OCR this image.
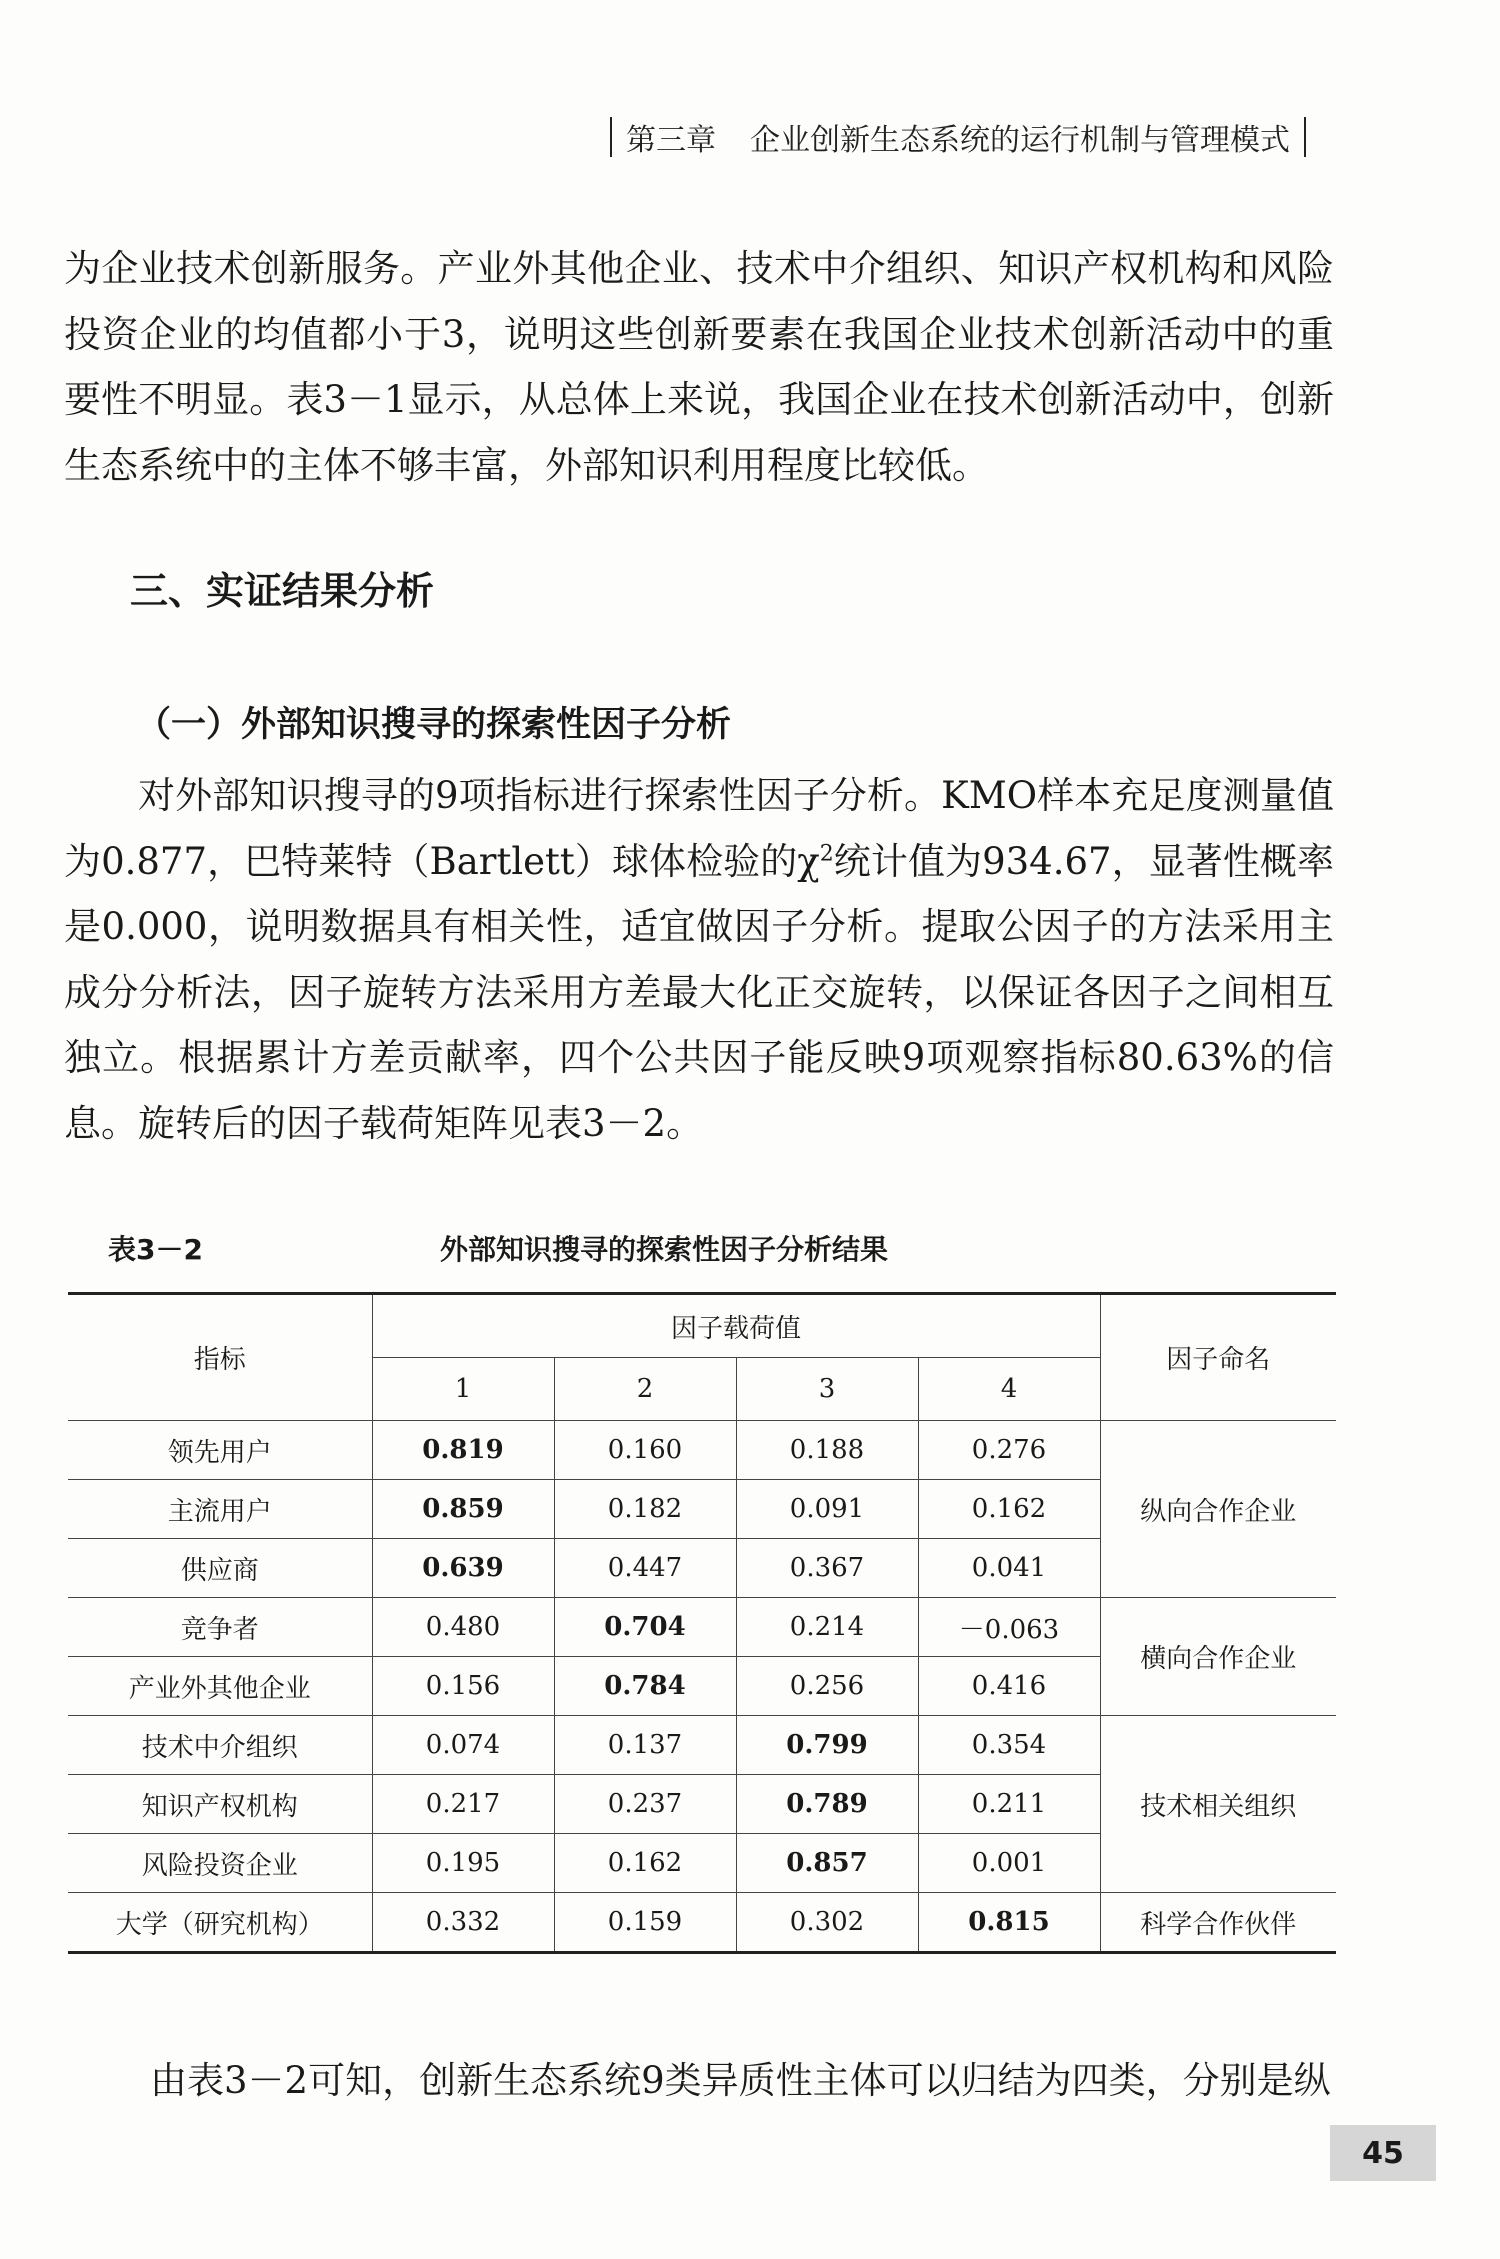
第三章 企业创新生态系统的运行机制与管理模式

为企业技术创新服务。产业外其他企业、技术中介组织、知识产权机构和风险投资企业的均值都小于3，说明这些创新要素在我国企业技术创新活动中的重要性不明显。表3－1显示，从总体上来说，我国企业在技术创新活动中，创新生态系统中的主体不够丰富，外部知识利用程度比较低。

三、实证结果分析
（一）外部知识搜寻的探索性因子分析

对外部知识搜寻的9项指标进行探索性因子分析。KMO样本充足度测量值为0.877，巴特莱特（Bartlett）球体检验的$\chi^2$统计值为934.67，显著性概率是0.000，说明数据具有相关性，适宜做因子分析。提取公因子的方法采用主成分分析法，因子旋转方法采用方差最大化正交旋转，以保证各因子之间相互独立。根据累计方差贡献率，四个公共因子能反映9项观察指标80.63%的信息。旋转后的因子载荷矩阵见表3－2。

表3－2	外部知识搜寻的探索性因子分析结果
指标	因子载荷值				因子命名
	1	2	3	4	
领先用户	0.819	0.160	0.188	0.276	纵向合作企业
主流用户	0.859	0.182	0.091	0.162	
供应商	0.639	0.447	0.367	0.041	
竞争者	0.480	0.704	0.214	－0.063	横向合作企业
产业外其他企业	0.156	0.784	0.256	0.416	
技术中介组织	0.074	0.137	0.799	0.354	技术相关组织
知识产权机构	0.217	0.237	0.789	0.211	
风险投资企业	0.195	0.162	0.857	0.001	
大学（研究机构）	0.332	0.159	0.302	0.815	科学合作伙伴

由表3－2可知，创新生态系统9类异质性主体可以归结为四类，分别是纵

45
